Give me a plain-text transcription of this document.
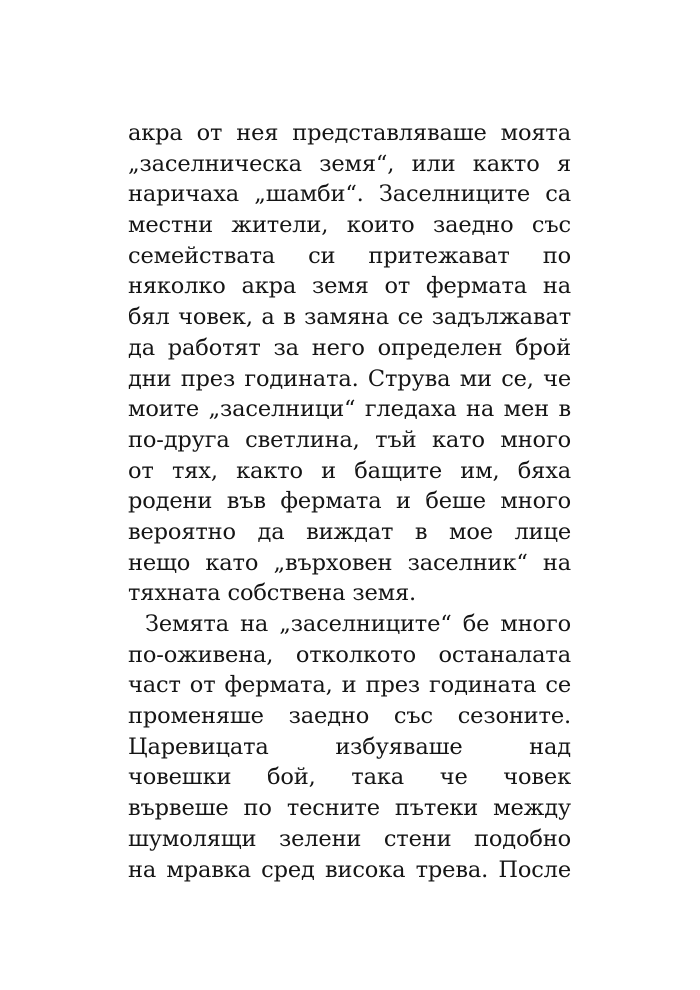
акра от нея представляваше моята
„заселническа земя“, или както я
наричаха „шамби“. Заселниците са
местни жители, които заедно със
семействата си притежават по
няколко акра земя от фермата на
бял човек, а в замяна се задължават
да работят за него определен брой
дни през годината. Струва ми се, че
моите „заселници“ гледаха на мен в
по-друга светлина, тъй като много
от тях, както и бащите им, бяха
родени във фермата и беше много
вероятно да виждат в мое лице
нещо като „върховен заселник“ на
тяхната собствена земя.
Земята на „заселниците“ бе много
по-оживена, отколкото останалата
част от фермата, и през годината се
променяше заедно със сезоните.
Царевицата избуяваше над
човешки бой, така че човек
вървеше по тесните пътеки между
шумолящи зелени стени подобно
на мравка сред висока трева. После
